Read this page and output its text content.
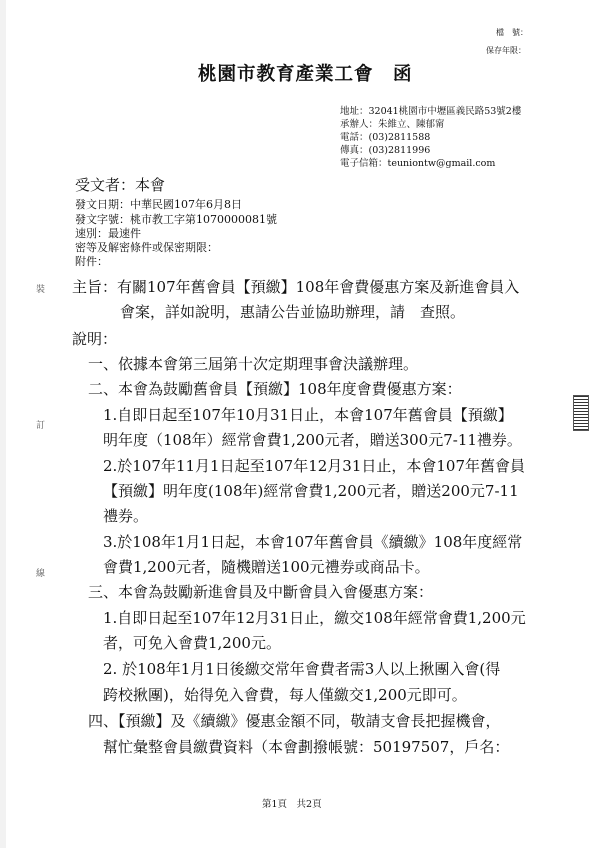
檔　號：
保存年限：
桃園市教育產業工會　函
地址：32041桃園市中壢區義民路53號2樓
承辦人：朱維立、陳郁甯
電話：(03)2811588
傳真：(03)2811996
電子信箱：teuniontw@gmail.com
受文者：本會
發文日期：中華民國107年6月8日
發文字號：桃市教工字第1070000081號
速別：最速件
密等及解密條件或保密期限：
附件：
裝
訂
線
主旨：有關107年舊會員【預繳】108年會費優惠方案及新進會員入
會案，詳如說明，惠請公告並協助辦理，請　查照。
說明：
一、依據本會第三屆第十次定期理事會決議辦理。
二、本會為鼓勵舊會員【預繳】108年度會費優惠方案：
1.自即日起至107年10月31日止，本會107年舊會員【預繳】
明年度（108年）經常會費1,200元者，贈送300元7-11禮券。
2.於107年11月1日起至107年12月31日止，本會107年舊會員
【預繳】明年度(108年)經常會費1,200元者，贈送200元7-11
禮券。
3.於108年1月1日起，本會107年舊會員《續繳》108年度經常
會費1,200元者，隨機贈送100元禮券或商品卡。
三、本會為鼓勵新進會員及中斷會員入會優惠方案：
1.自即日起至107年12月31日止，繳交108年經常會費1,200元
者，可免入會費1,200元。
2. 於108年1月1日後繳交常年會費者需3人以上揪團入會(得
跨校揪團)，始得免入會費，每人僅繳交1,200元即可。
四、【預繳】及《續繳》優惠金額不同，敬請支會長把握機會，
幫忙彙整會員繳費資料（本會劃撥帳號：50197507，戶名：
第1頁　共2頁
